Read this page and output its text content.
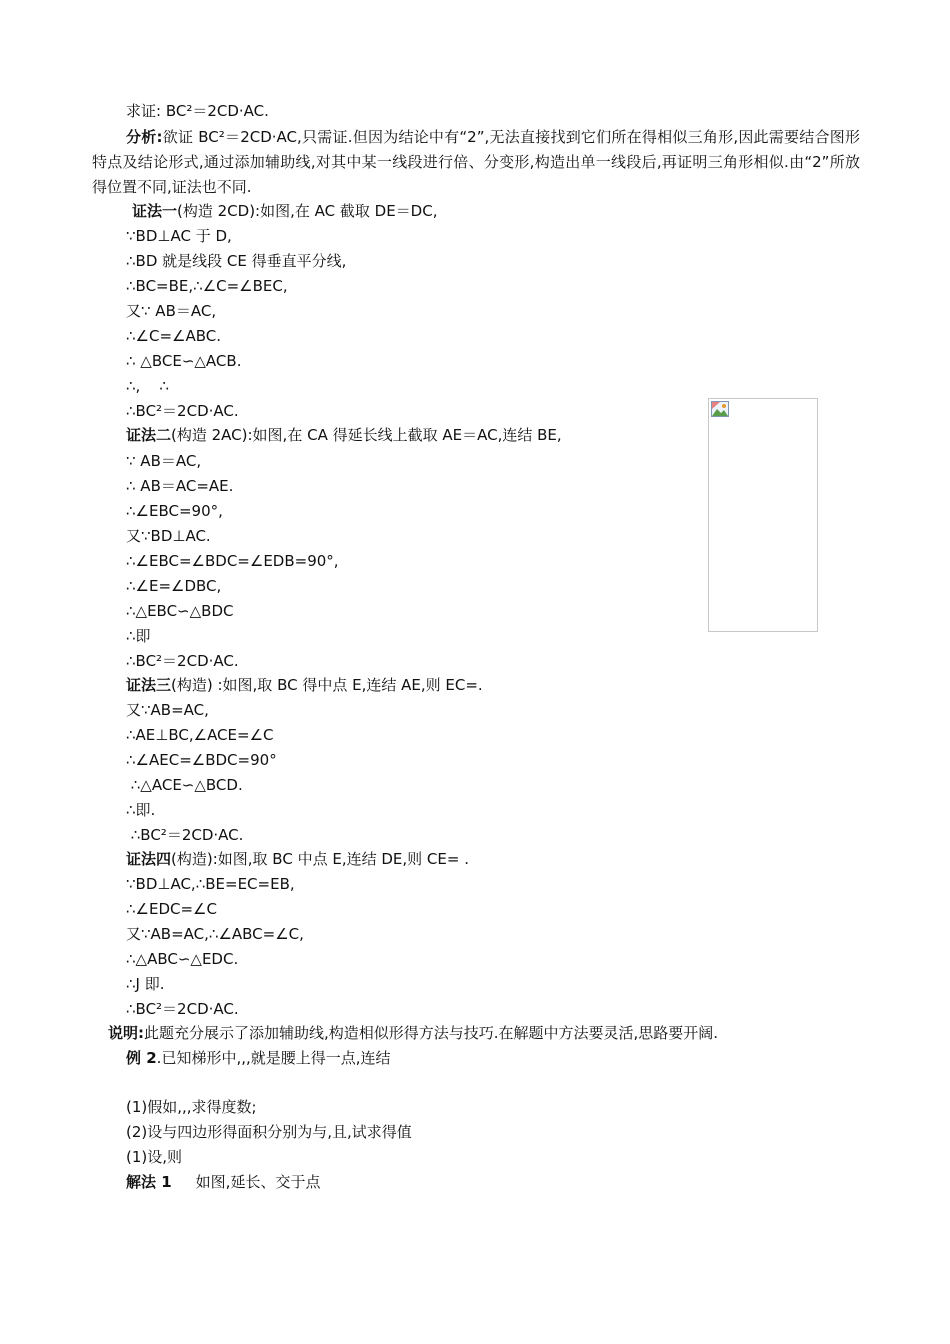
求证: BC²＝2CD·AC.
分析:欲证 BC²＝2CD·AC,只需证.但因为结论中有“2”,无法直接找到它们所在得相似三角形,因此需要结合图形特点及结论形式,通过添加辅助线,对其中某一线段进行倍、分变形,构造出单一线段后,再证明三角形相似.由“2”所放得位置不同,证法也不同.
证法一(构造 2CD):如图,在 AC 截取 DE＝DC,
∵BD⊥AC 于 D,
∴BD 就是线段 CE 得垂直平分线,
∴BC=BE,∴∠C=∠BEC,
又∵ AB＝AC,
∴∠C=∠ABC.
∴ △BCE∽△ACB.
∴,    ∴
∴BC²＝2CD·AC.
证法二(构造 2AC):如图,在 CA 得延长线上截取 AE＝AC,连结 BE,
∵ AB＝AC,
∴ AB＝AC=AE.
∴∠EBC=90°,
又∵BD⊥AC.
∴∠EBC=∠BDC=∠EDB=90°,
∴∠E=∠DBC,
∴△EBC∽△BDC
∴即
∴BC²＝2CD·AC.
证法三(构造) :如图,取 BC 得中点 E,连结 AE,则 EC=.
又∵AB=AC,
∴AE⊥BC,∠ACE=∠C
∴∠AEC=∠BDC=90°
∴△ACE∽△BCD.
∴即.
∴BC²＝2CD·AC.
证法四(构造):如图,取 BC 中点 E,连结 DE,则 CE= .
∵BD⊥AC,∴BE=EC=EB,
∴∠EDC=∠C
又∵AB=AC,∴∠ABC=∠C,
∴△ABC∽△EDC.
∴J 即.
∴BC²＝2CD·AC.
说明:此题充分展示了添加辅助线,构造相似形得方法与技巧.在解题中方法要灵活,思路要开阔.
例 2.已知梯形中,,,就是腰上得一点,连结
(1)假如,,,求得度数;
(2)设与四边形得面积分别为与,且,试求得值
(1)设,则
解法 1 如图,延长、交于点
